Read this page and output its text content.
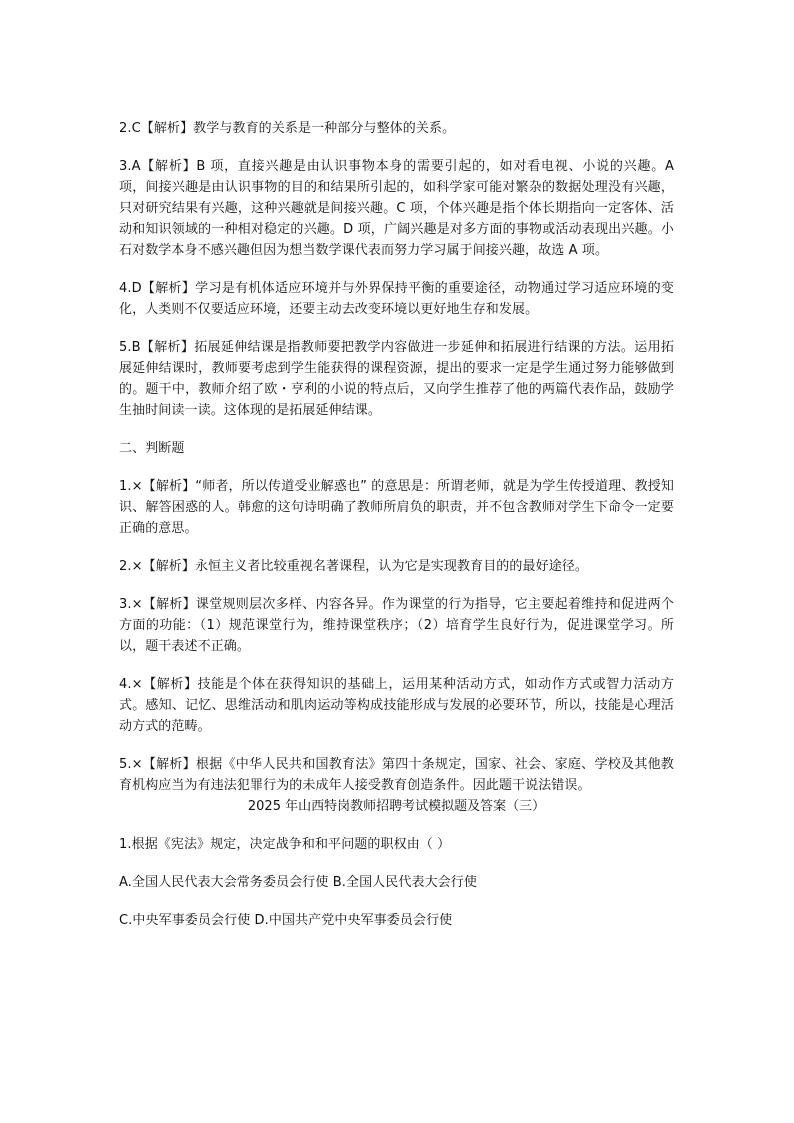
2.C【解析】教学与教育的关系是一种部分与整体的关系。

3.A【解析】B 项，直接兴趣是由认识事物本身的需要引起的，如对看电视、小说的兴趣。A 项，间接兴趣是由认识事物的目的和结果所引起的，如科学家可能对繁杂的数据处理没有兴趣，只对研究结果有兴趣，这种兴趣就是间接兴趣。C 项，个体兴趣是指个体长期指向一定客体、活动和知识领域的一种相对稳定的兴趣。D 项，广阔兴趣是对多方面的事物或活动表现出兴趣。小石对数学本身不感兴趣但因为想当数学课代表而努力学习属于间接兴趣，故选 A 项。

4.D【解析】学习是有机体适应环境并与外界保持平衡的重要途径，动物通过学习适应环境的变化，人类则不仅要适应环境，还要主动去改变环境以更好地生存和发展。

5.B【解析】拓展延伸结课是指教师要把教学内容做进一步延伸和拓展进行结课的方法。运用拓展延伸结课时，教师要考虑到学生能获得的课程资源，提出的要求一定是学生通过努力能够做到的。题干中，教师介绍了欧・亨利的小说的特点后，又向学生推荐了他的两篇代表作品，鼓励学生抽时间读一读。这体现的是拓展延伸结课。

二、判断题

1.×【解析】“师者，所以传道受业解惑也” 的意思是：所谓老师，就是为学生传授道理、教授知识、解答困惑的人。韩愈的这句诗明确了教师所肩负的职责，并不包含教师对学生下命令一定要正确的意思。

2.×【解析】永恒主义者比较重视名著课程，认为它是实现教育目的的最好途径。

3.×【解析】课堂规则层次多样、内容各异。作为课堂的行为指导，它主要起着维持和促进两个方面的功能：（1）规范课堂行为，维持课堂秩序；（2）培育学生良好行为，促进课堂学习。所以，题干表述不正确。

4.×【解析】技能是个体在获得知识的基础上，运用某种活动方式，如动作方式或智力活动方式。感知、记忆、思维活动和肌肉运动等构成技能形成与发展的必要环节，所以，技能是心理活动方式的范畴。

5.×【解析】根据《中华人民共和国教育法》第四十条规定，国家、社会、家庭、学校及其他教育机构应当为有违法犯罪行为的未成年人接受教育创造条件。因此题干说法错误。

2025 年山西特岗教师招聘考试模拟题及答案（三）

1.根据《宪法》规定，决定战争和和平问题的职权由（ ）

A.全国人民代表大会常务委员会行使 B.全国人民代表大会行使

C.中央军事委员会行使 D.中国共产党中央军事委员会行使
